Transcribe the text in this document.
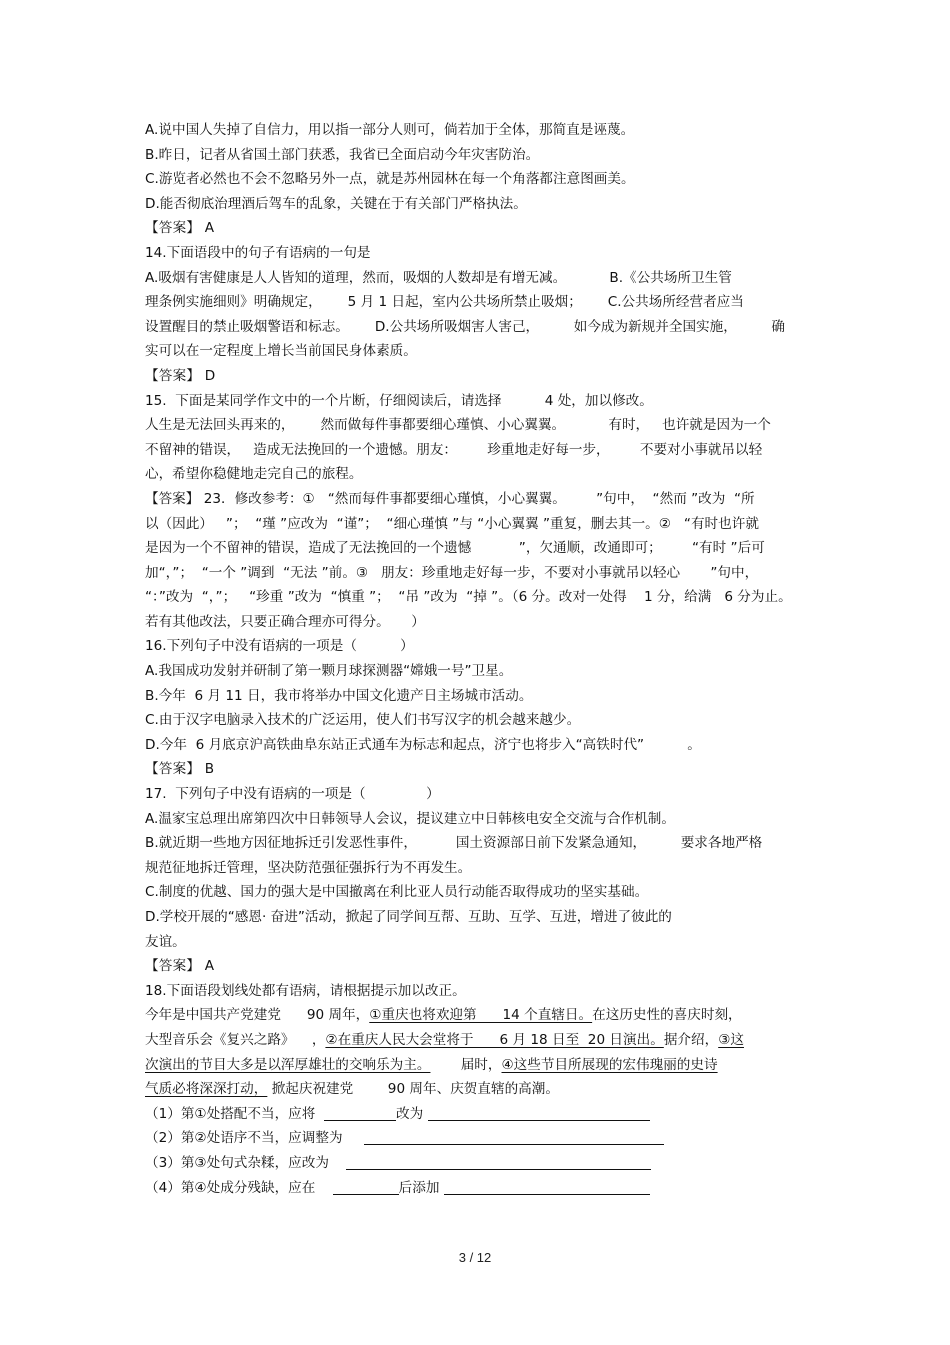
A.说中国人失掉了自信力，用以指一部分人则可，倘若加于全体，那简直是诬蔑。

B.昨日，记者从省国土部门获悉，我省已全面启动今年灾害防治。

C.游览者必然也不会不忽略另外一点，就是苏州园林在每一个角落都注意图画美。

D.能否彻底治理酒后驾车的乱象，关键在于有关部门严格执法。

【答案】 A

14.下面语段中的句子有语病的一句是

A.吸烟有害健康是人人皆知的道理，然而，吸烟的人数却是有增无减。          B.《公共场所卫生管

理条例实施细则》明确规定，      5 月 1 日起，室内公共场所禁止吸烟；      C.公共场所经营者应当

设置醒目的禁止吸烟警语和标志。      D.公共场所吸烟害人害己，        如今成为新规并全国实施，        确

实可以在一定程度上增长当前国民身体素质。

【答案】 D

15.  下面是某同学作文中的一个片断，仔细阅读后，请选择          4 处，加以修改。

人生是无法回头再来的，      然而做每件事都要细心瑾慎、小心翼翼。          有时，   也许就是因为一个

不留神的错误，   造成无法挽回的一个遗憾。朋友：       珍重地走好每一步，       不要对小事就吊以轻

心，希望你稳健地走完自己的旅程。

【答案】 23．修改参考：①   “然而每件事都要细心瑾慎，小心翼翼。       ”句中，  “然而 ”改为  “所

以（因此）   ”；  “瑾 ”应改为  “谨”；  “细心瑾慎 ”与 “小心翼翼 ”重复，删去其一。②   “有时也许就

是因为一个不留神的错误，造成了无法挽回的一个遗憾           ”，欠通顺，改通即可；       “有时 ”后可

加“，”；  “一个 ”调到  “无法 ”前。③   朋友：珍重地走好每一步，不要对小事就吊以轻心       ”句中，

“：”改为  “，”；   “珍重 ”改为  “慎重 ”；  “吊 ”改为  “掉 ”。（6 分。改对一处得    1 分，给满   6 分为止。

若有其他改法，只要正确合理亦可得分。     ）

16.下列句子中没有语病的一项是（          ）

A.我国成功发射并研制了第一颗月球探测器“嫦娥一号”卫星。

B.今年  6 月 11 日，我市将举办中国文化遗产日主场城市活动。

C.由于汉字电脑录入技术的广泛运用，使人们书写汉字的机会越来越少。

D.今年  6 月底京沪高铁曲阜东站正式通车为标志和起点，济宁也将步入“高铁时代”          。

【答案】 B

17.  下列句子中没有语病的一项是（              ）

A.温家宝总理出席第四次中日韩领导人会议，提议建立中日韩核电安全交流与合作机制。

B.就近期一些地方因征地拆迁引发恶性事件，         国土资源部日前下发紧急通知，        要求各地严格

规范征地拆迁管理，坚决防范强征强拆行为不再发生。

C.制度的优越、国力的强大是中国撤离在利比亚人员行动能否取得成功的坚实基础。

D.学校开展的“感恩· 奋进”活动，掀起了同学间互帮、互助、互学、互进，增进了彼此的

友谊。

【答案】 A

18.下面语段划线处都有语病，请根据提示加以改正。

今年是中国共产党建党      90 周年，①重庆也将欢迎第      14 个直辖日。在这历史性的喜庆时刻，

大型音乐会《复兴之路》    ，②在重庆人民大会堂将于      6 月 18 日至  20 日演出。据介绍，③这

次演出的节目大多是以浑厚雄壮的交响乐为主。       届时，④这些节目所展现的宏伟瑰丽的史诗

气质必将深深打动， 掀起庆祝建党        90 周年、庆贺直辖的高潮。

（1）第①处搭配不当，应将	改为

（2）第②处语序不当，应调整为

（3）第③处句式杂糅，应改为

（4）第④处成分残缺，应在	后添加

3 / 12
